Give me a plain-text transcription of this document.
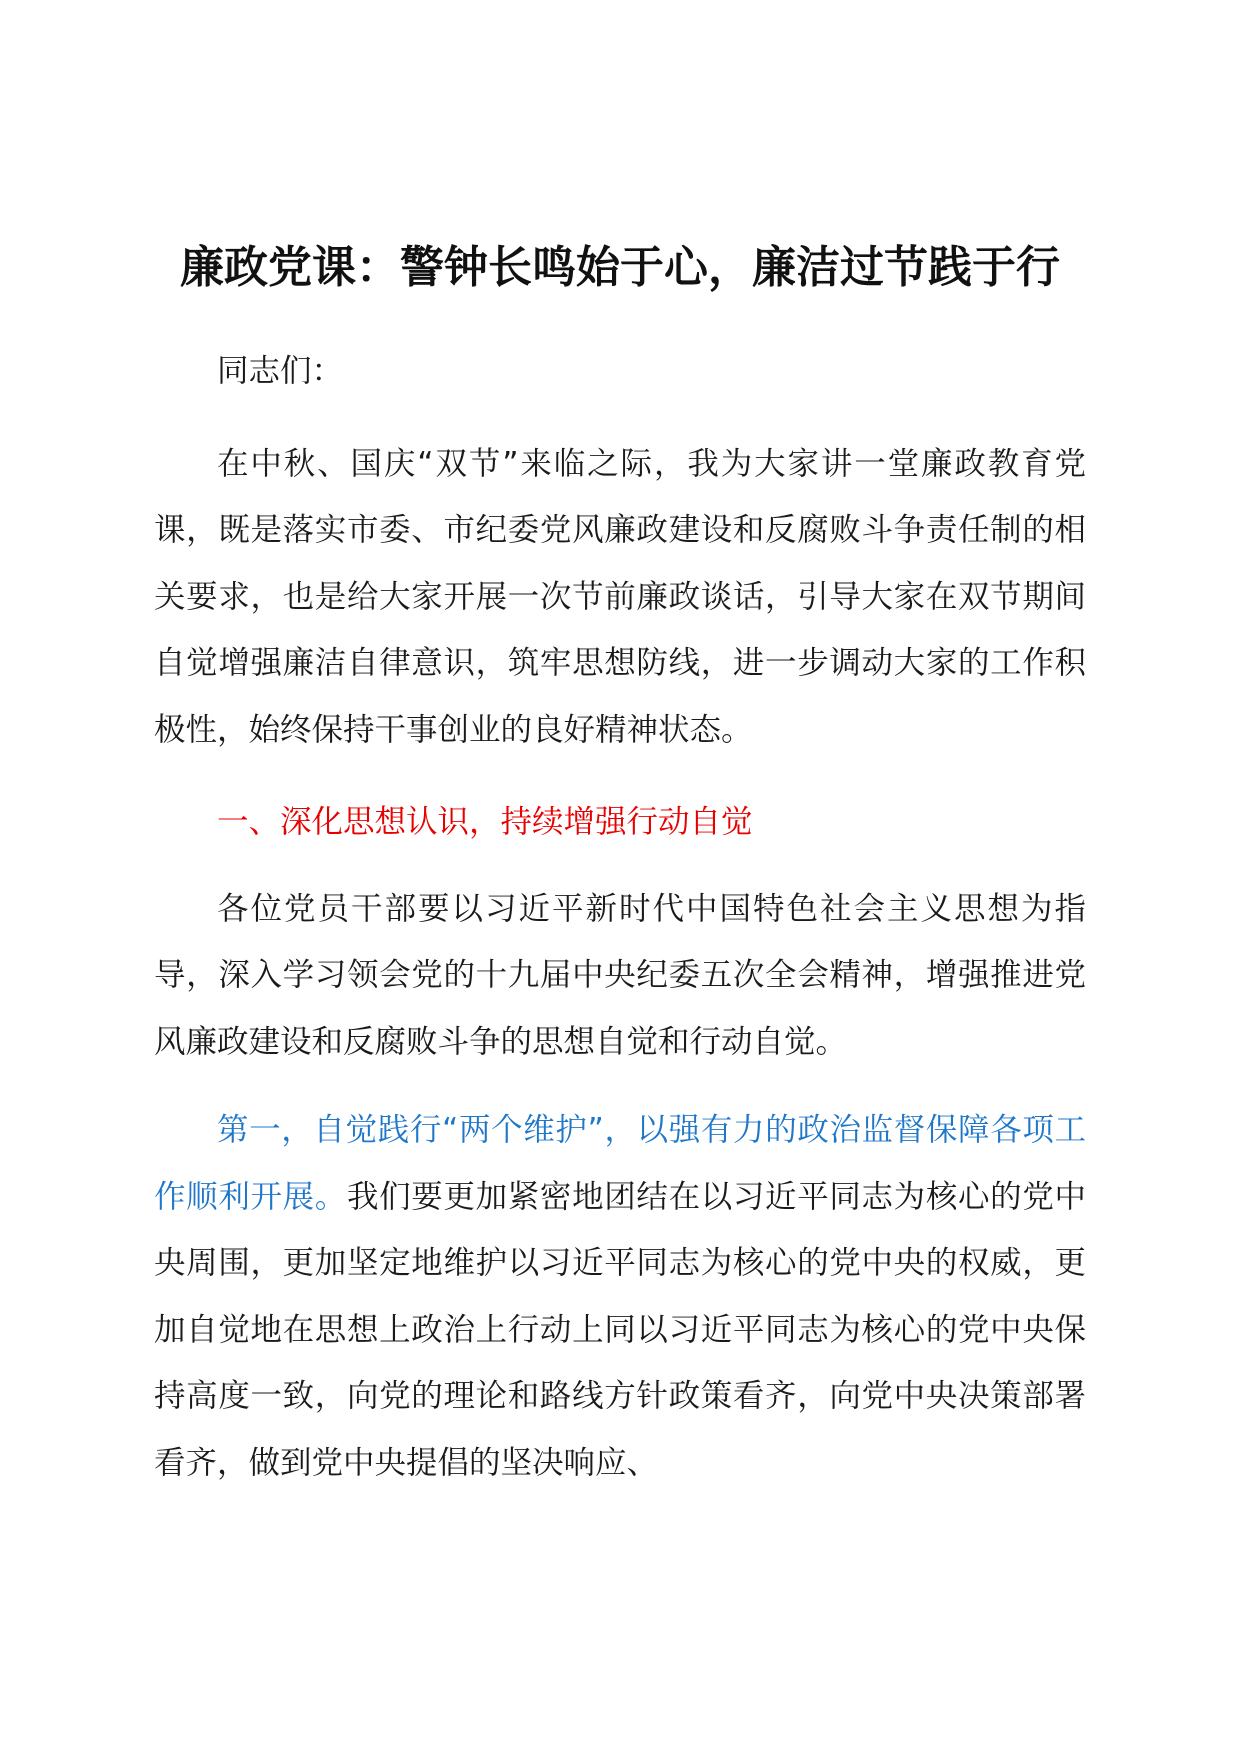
廉政党课：警钟长鸣始于心，廉洁过节践于行

同志们：

在中秋、国庆“双节”来临之际，我为大家讲一堂廉政教育党课，既是落实市委、市纪委党风廉政建设和反腐败斗争责任制的相关要求，也是给大家开展一次节前廉政谈话，引导大家在双节期间自觉增强廉洁自律意识，筑牢思想防线，进一步调动大家的工作积极性，始终保持干事创业的良好精神状态。

一、深化思想认识，持续增强行动自觉

各位党员干部要以习近平新时代中国特色社会主义思想为指导，深入学习领会党的十九届中央纪委五次全会精神，增强推进党风廉政建设和反腐败斗争的思想自觉和行动自觉。

第一，自觉践行“两个维护”，以强有力的政治监督保障各项工作顺利开展。我们要更加紧密地团结在以习近平同志为核心的党中央周围，更加坚定地维护以习近平同志为核心的党中央的权威，更加自觉地在思想上政治上行动上同以习近平同志为核心的党中央保持高度一致，向党的理论和路线方针政策看齐，向党中央决策部署看齐，做到党中央提倡的坚决响应、
